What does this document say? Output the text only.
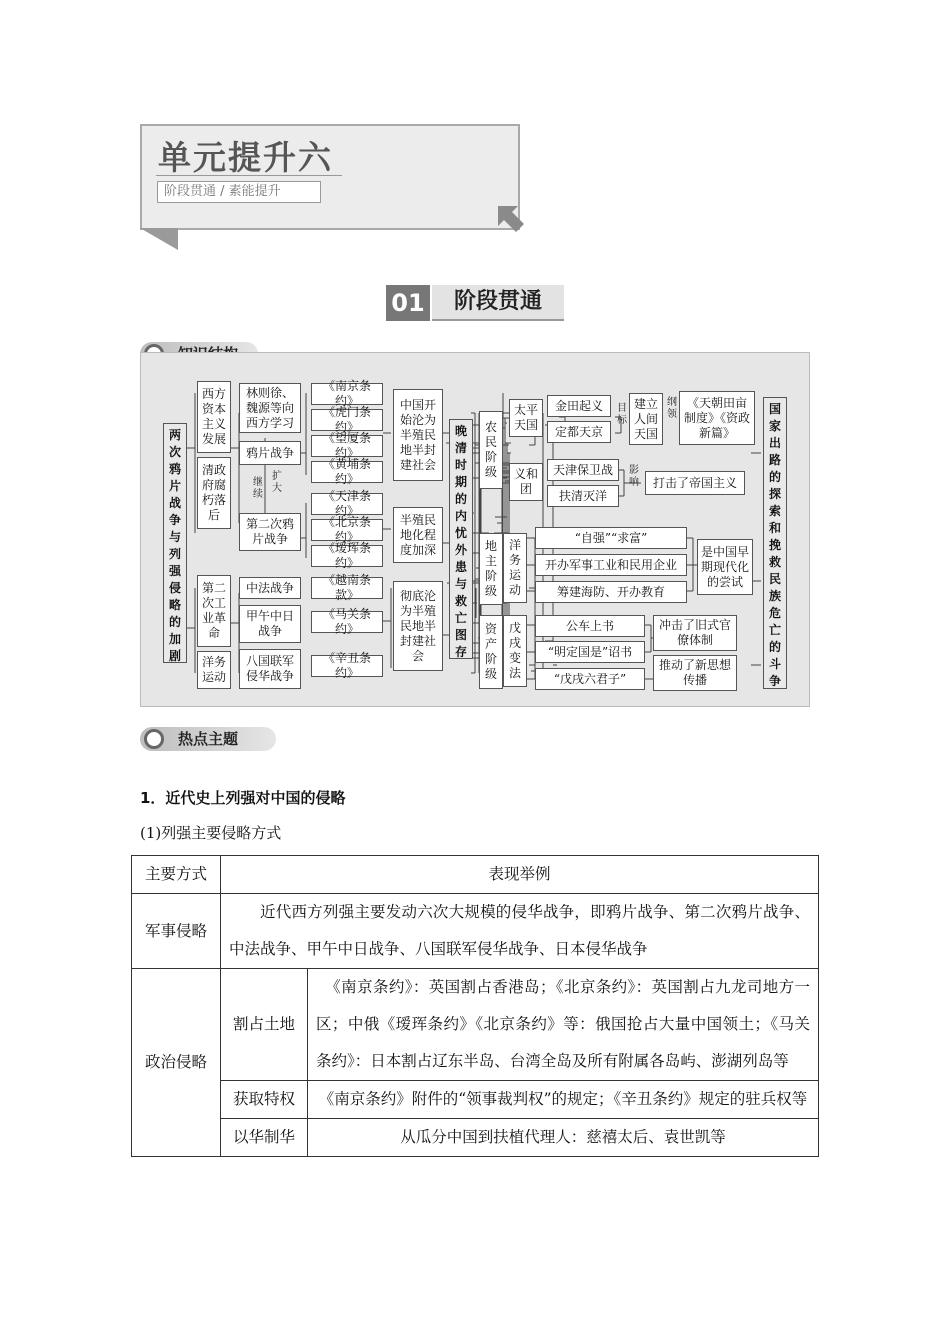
单元提升六
阶段贯通 / 素能提升
01	阶段贯通
两次鸦片战争与列强侵略的加剧
西方资本主义发展
清政府腐朽落后
第二次工业革命
洋务运动
林则徐、魏源等向西方学习
鸦片战争
继续
扩大
第二次鸦片战争
中法战争
甲午中日战争
八国联军侵华战争
《南京条约》
《虎门条约》
《望厦条约》
《黄埔条约》
《天津条约》
《北京条约》
《瑷珲条约》
《越南条款》
《马关条约》
《辛丑条约》
中国开始沦为半殖民地半封建社会
半殖民地化程度加深
彻底沦为半殖民地半封建社会
晚清时期的内忧外患与救亡图存
农民阶级
地主阶级
资产阶级
太平天国
义和团
洋务运动
戊戌变法
金田起义
定都天京
天津保卫战
扶清灭洋
“自强”“求富”
开办军事工业和民用企业
筹建海防、开办教育
公车上书
“明定国是”诏书
“戊戌六君子”
目标
纲领
影响
建立人间天国
《天朝田亩制度》《资政新篇》
打击了帝国主义
是中国早期现代化的尝试
冲击了旧式官僚体制
推动了新思想传播
国家出路的探索和挽救民族危亡的斗争
热点主题
1．近代史上列强对中国的侵略
(1)列强主要侵略方式
主要方式	表现举例	
军事侵略	近代西方列强主要发动六次大规模的侵华战争，即鸦片战争、第二次鸦片战争、中法战争、甲午中日战争、八国联军侵华战争、日本侵华战争	
政治侵略	割占土地	《南京条约》：英国割占香港岛；《北京条约》：英国割占九龙司地方一区；中俄《瑷珲条约》《北京条约》等：俄国抢占大量中国领土；《马关条约》：日本割占辽东半岛、台湾全岛及所有附属各岛屿、澎湖列岛等
	获取特权	《南京条约》附件的“领事裁判权”的规定；《辛丑条约》规定的驻兵权等
	以华制华	从瓜分中国到扶植代理人：慈禧太后、袁世凯等
